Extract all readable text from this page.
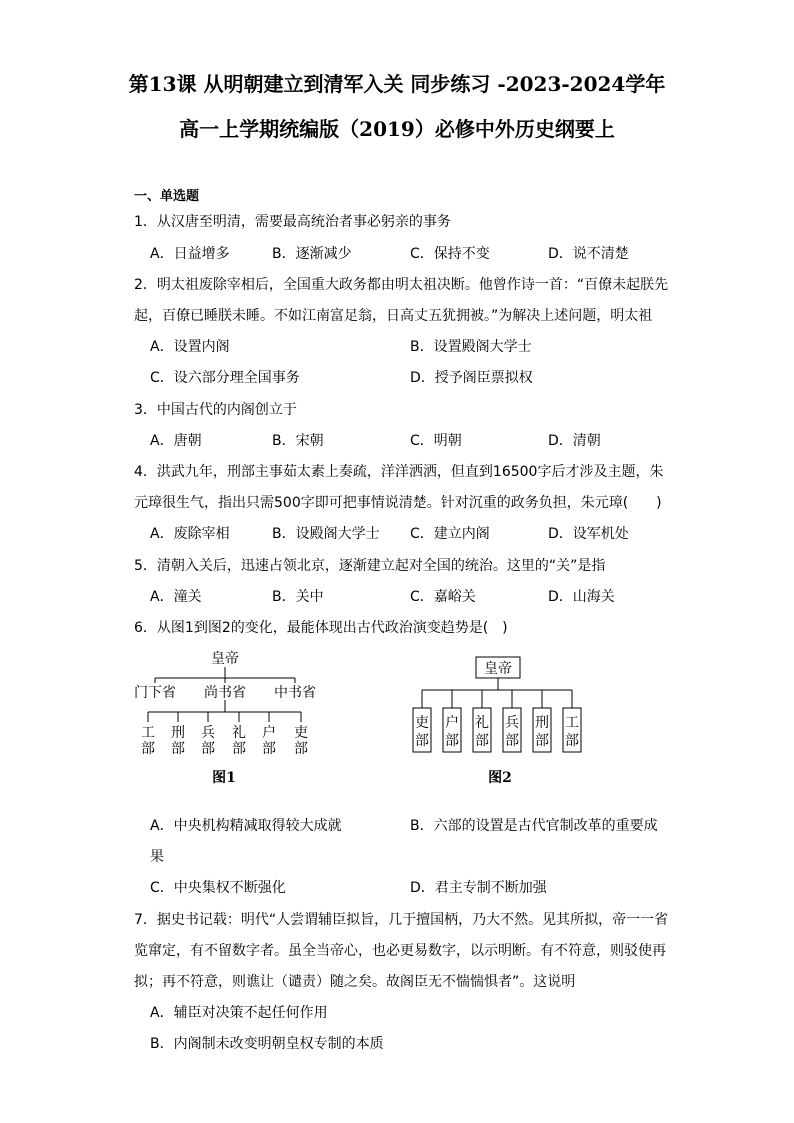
第13课 从明朝建立到清军入关 同步练习 -2023-2024学年
高一上学期统编版（2019）必修中外历史纲要上
一、单选题
1．从汉唐至明清，需要最高统治者事必躬亲的事务
A．日益增多	B．逐渐减少	C．保持不变	D．说不清楚
2．明太祖废除宰相后，全国重大政务都由明太祖决断。他曾作诗一首：“百僚未起朕先
起，百僚已睡朕未睡。不如江南富足翁，日高丈五犹拥被。”为解决上述问题，明太祖
A．设置内阁	B．设置殿阁大学士
C．设六部分理全国事务	D．授予阁臣票拟权
3．中国古代的内阁创立于
A．唐朝	B．宋朝	C．明朝	D．清朝
4．洪武九年，刑部主事茹太素上奏疏，洋洋洒洒，但直到16500字后才涉及主题，朱
元璋很生气，指出只需500字即可把事情说清楚。针对沉重的政务负担，朱元璋(　　)
A．废除宰相	B．设殿阁大学士 C．建立内阁	D．设军机处
5．清朝入关后，迅速占领北京，逐渐建立起对全国的统治。这里的“关”是指
A．潼关	B．关中	C．嘉峪关	D．山海关
6．从图1到图2的变化，最能体现出古代政治演变趋势是(　)
皇帝
门下省 尚书省 中书省
工
部
刑
部
兵
部
礼
部
户
部
吏
部
图1
皇帝
吏
部
户
部
礼
部
兵
部
刑
部
工
部
图2
A．中央机构精减取得较大成就	B．六部的设置是古代官制改革的重要成
果
C．中央集权不断强化	D．君主专制不断加强
7．据史书记载：明代“人尝谓辅臣拟旨，几于擅国柄，乃大不然。见其所拟，帝一一省
览窜定，有不留数字者。虽全当帝心，也必更易数字，以示明断。有不符意，则驳使再
拟；再不符意，则谯让（谴责）随之矣。故阁臣无不惴惴惧者”。这说明
A．辅臣对决策不起任何作用
B．内阁制未改变明朝皇权专制的本质
